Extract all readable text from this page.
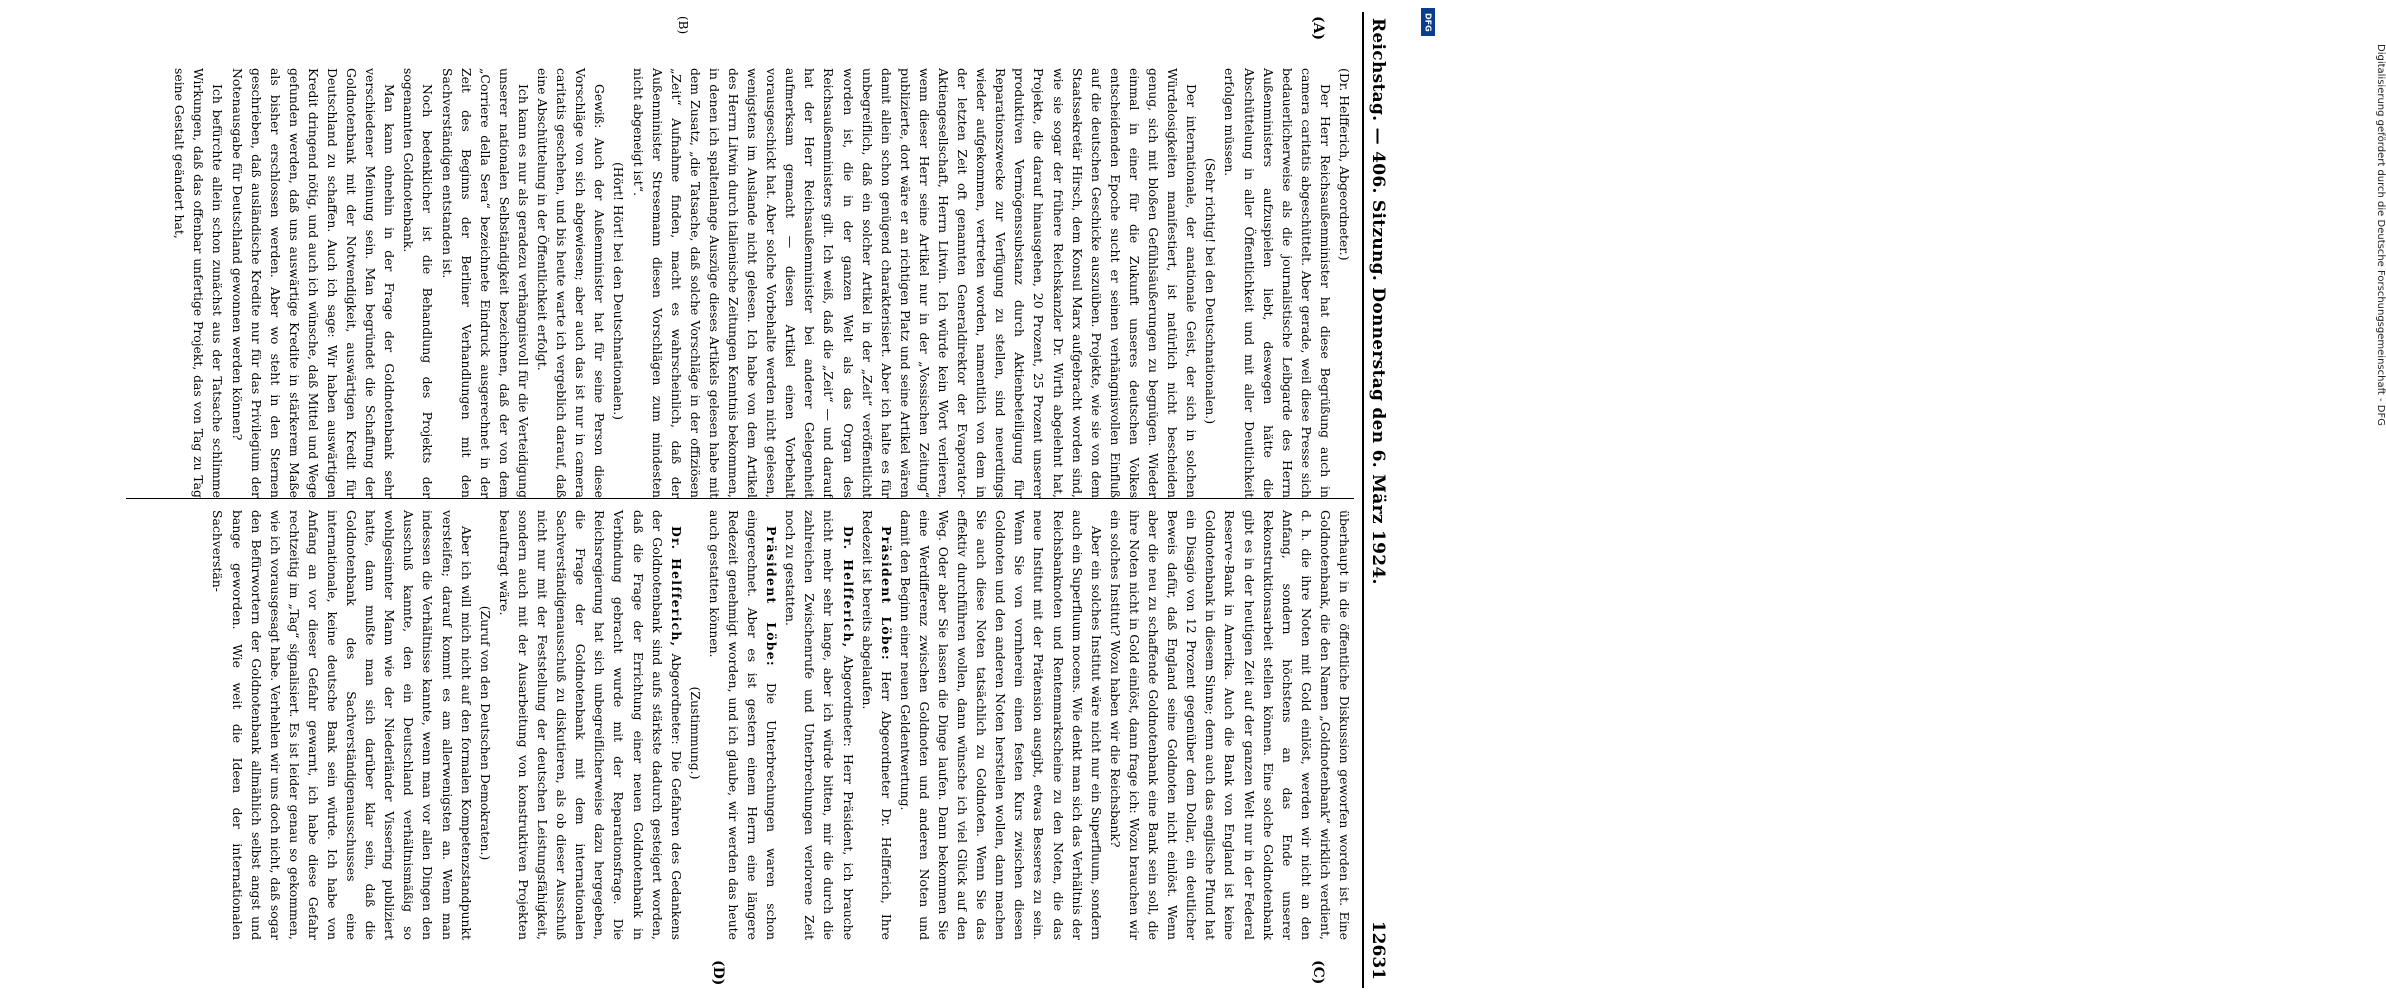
Reichstag. — 406. Sitzung. Donnerstag den 6. März 1924.
12631
(A)
(B)
(C)
(D)

(Dr. Helfferich, Abgeordneter.)

Der Herr Reichsaußenminister hat diese Begrüßung auch in camera caritatis abgeschüttelt. Aber gerade, weil diese Presse sich bedauerlicherweise als die journalistische Leibgarde des Herrn Außenministers aufzuspielen liebt, deswegen hätte die Abschüttelung in aller Öffentlichkeit und mit aller Deutlichkeit erfolgen müssen.

(Sehr richtig! bei den Deutschnationalen.)

Der internationale, der anationale Geist, der sich in solchen Würdelosigkeiten manifestiert, ist natürlich nicht bescheiden genug, sich mit bloßen Gefühlsäußerungen zu begnügen. Wieder einmal in einer für die Zukunft unseres deutschen Volkes entscheidenden Epoche sucht er seinen verhängnisvollen Einfluß auf die deutschen Geschicke auszuüben. Projekte, wie sie von dem Staatssekretär Hirsch, dem Konsul Marx aufgebracht worden sind, wie sie sogar der frühere Reichskanzler Dr. Wirth abgelehnt hat, Projekte, die darauf hinausgehen, 20 Prozent, 25 Prozent unserer produktiven Vermögenssubstanz durch Aktienbeteiligung für Reparationszwecke zur Verfügung zu stellen, sind neuerdings wieder aufgekommen, vertreten worden, namentlich von dem in der letzten Zeit oft genannten Generaldirektor der Evaporator-Aktiengesellschaft, Herrn Litwin. Ich würde kein Wort verlieren, wenn dieser Herr seine Artikel nur in der „Vossischen Zeitung“ publizierte, dort wäre er an richtigen Platz und seine Artikel wären damit allein schon genügend charakterisiert. Aber ich halte es für unbegreiflich, daß ein solcher Artikel in der „Zeit“ veröffentlicht worden ist, die in der ganzen Welt als das Organ des Reichsaußenministers gilt. Ich weiß, daß die „Zeit“ — und darauf hat der Herr Reichsaußenminister bei anderer Gelegenheit aufmerksam gemacht — diesen Artikel einen Vorbehalt vorausgeschickt hat. Aber solche Vorbehalte werden nicht gelesen, wenigstens im Auslande nicht gelesen. Ich habe von dem Artikel des Herrn Litwin durch italienische Zeitungen Kenntnis bekommen, in denen ich spaltenlange Auszüge dieses Artikels gelesen habe mit dem Zusatz, „die Tatsache, daß solche Vorschläge in der offiziösen „Zeit“ Aufnahme finden, macht es wahrscheinlich, daß der Außenminister Stresemann diesen Vorschlägen zum mindesten nicht abgeneigt ist“.

(Hört! Hört! bei den Deutschnationalen.)

Gewiß: Auch der Außenminister hat für seine Person diese Vorschläge von sich abgewiesen; aber auch das ist nur in camera caritatis geschehen, und bis heute warte ich vergeblich darauf, daß eine Abschüttelung in der Öffentlichkeit erfolgt.

Ich kann es nur als geradezu verhängnisvoll für die Verteidigung unserer nationalen Selbständigkeit bezeichnen, daß der von dem „Corriere della Sera“ bezeichnete Eindruck ausgerechnet in der Zeit des Beginns der Berliner Verhandlungen mit den Sachverständigen entstanden ist.

Noch bedenklicher ist die Behandlung des Projekts der sogenannten Goldnotenbank.

Man kann ohnehin in der Frage der Goldnotenbank sehr verschiedener Meinung sein. Man begründet die Schaffung der Goldnotenbank mit der Notwendigkeit, auswärtigen Kredit für Deutschland zu schaffen. Auch ich sage: Wir haben auswärtigen Kredit dringend nötig, und auch ich wünsche, daß Mittel und Wege gefunden werden, daß uns auswärtige Kredite in stärkerem Maße als bisher erschlossen werden. Aber wo steht in den Sternen geschrieben, daß ausländische Kredite nur für das Privilegium der Notenausgabe für Deutschland gewonnen werden können?

Ich befürchte allein schon zunächst aus der Tatsache schlimme Wirkungen, daß das offenbar unfertige Projekt, das von Tag zu Tag seine Gestalt geändert hat,

überhaupt in die öffentliche Diskussion geworfen worden ist. Eine Goldnotenbank, die den Namen „Goldnotenbank“ wirklich verdient, d. h. die ihre Noten mit Gold einlöst, werden wir nicht an den Anfang, sondern höchstens an das Ende unserer Rekonstruktionsarbeit stellen können. Eine solche Goldnotenbank gibt es in der heutigen Zeit auf der ganzen Welt nur in der Federal Reserve-Bank in Amerika. Auch die Bank von England ist keine Goldnotenbank in diesem Sinne; denn auch das englische Pfund hat ein Disagio von 12 Prozent gegenüber dem Dollar, ein deutlicher Beweis dafür, daß England seine Goldnoten nicht einlöst. Wenn aber die neu zu schaffende Goldnotenbank eine Bank sein soll, die ihre Noten nicht in Gold einlöst, dann frage ich: Wozu brauchen wir ein solches Institut? Wozu haben wir die Reichsbank?

Aber ein solches Institut wäre nicht nur ein Superfluum, sondern auch ein Superfluum nocens. Wie denkt man sich das Verhältnis der Reichsbanknoten und Rentenmarkscheine zu den Noten, die das neue Institut mit der Prätension ausgibt, etwas Besseres zu sein. Wenn Sie von vornherein einen festen Kurs zwischen diesen Goldnoten und den anderen Noten herstellen wollen, dann machen Sie auch diese Noten tatsächlich zu Goldnoten. Wenn Sie das effektiv durchführen wollen, dann wünsche ich viel Glück auf den Weg. Oder aber Sie lassen die Dinge laufen. Dann bekommen Sie eine Werdifferenz zwischen Goldnoten und anderen Noten und damit den Beginn einer neuen Geldentwertung.

Präsident Löbe: Herr Abgeordneter Dr. Helfferich, Ihre Redezeit ist bereits abgelaufen.

Dr. Helfferich, Abgeordneter: Herr Präsident, ich brauche nicht mehr sehr lange, aber ich würde bitten, mir die durch die zahlreichen Zwischenrufe und Unterbrechungen verlorene Zeit noch zu gestatten.

Präsident Löbe: Die Unterbrechungen waren schon eingerechnet. Aber es ist gestern einem Herrn eine längere Redezeit genehmigt worden, und ich glaube, wir werden das heute auch gestatten können.

(Zustimmung.)

Dr. Helfferich, Abgeordneter: Die Gefahren des Gedankens der Goldnotenbank sind aufs stärkste dadurch gesteigert worden, daß die Frage der Errichtung einer neuen Goldnotenbank in Verbindung gebracht wurde mit der Reparationsfrage. Die Reichsregierung hat sich unbegreiflicherweise dazu hergegeben, die Frage der Goldnotenbank mit dem internationalen Sachverständigenausschuß zu diskutieren, als ob dieser Ausschuß nicht nur mit der Feststellung der deutschen Leistungsfähigkeit, sondern auch mit der Ausarbeitung von konstruktiven Projekten beauftragt wäre.

(Zuruf von den Deutschen Demokraten.)

Aber ich will mich nicht auf den formalen Kompetenzstandpunkt versteifen; darauf kommt es am allerwenigsten an. Wenn man indessen die Verhältnisse kannte, wenn man vor allen Dingen den Ausschuß kannte, den ein Deutschland verhältnismäßig so wohlgesinnter Mann wie der Niederländer Vissering publiziert hatte, dann mußte man sich darüber klar sein, daß die Goldnotenbank des Sachverständigenausschusses eine internationale, keine deutsche Bank sein würde. Ich habe von Anfang an vor dieser Gefahr gewarnt, ich habe diese Gefahr rechtzeitig im „Tag“ signalisiert. Es ist leider genau so gekommen, wie ich vorausgesagt habe. Verhehlen wir uns doch nicht, daß sogar den Befürwortern der Goldnotenbank allmählich selbst angst und bange geworden. Wie weit die Ideen der internationalen Sachverstän-

Digitalisierung gefördert durch die Deutsche Forschungsgemeinschaft - DFG
DFG
